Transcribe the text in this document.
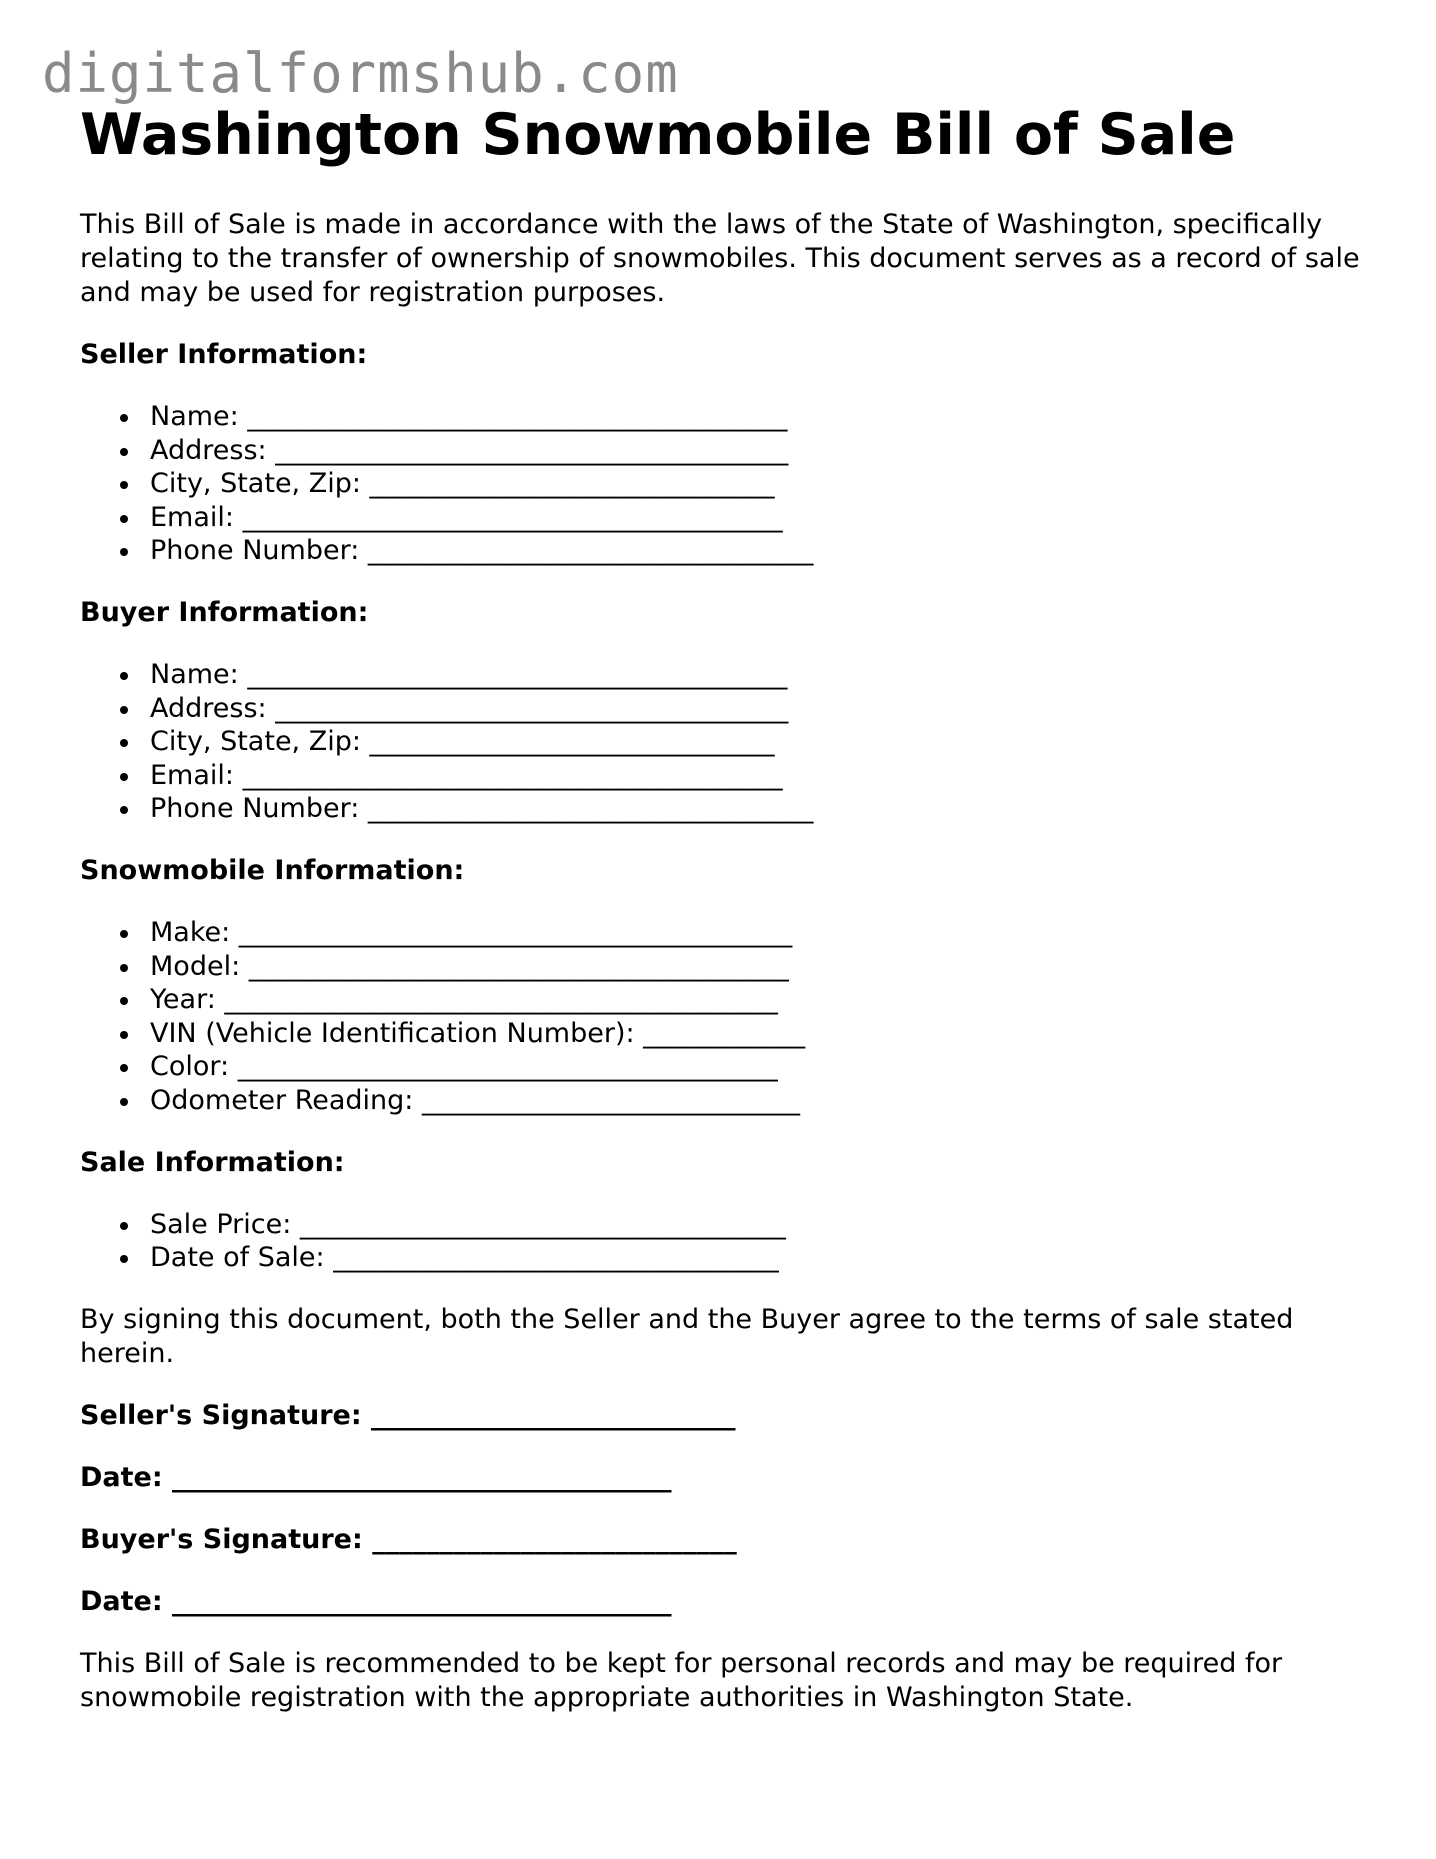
digitalformshub.com
Washington Snowmobile Bill of Sale

This Bill of Sale is made in accordance with the laws of the State of Washington, specifically relating to the transfer of ownership of snowmobiles. This document serves as a record of sale and may be used for registration purposes.

Seller Information:
Name: ________________________________________
Address: ______________________________________
City, State, Zip: ______________________________
Email: ________________________________________
Phone Number: _________________________________
Buyer Information:
Name: ________________________________________
Address: ______________________________________
City, State, Zip: ______________________________
Email: ________________________________________
Phone Number: _________________________________
Snowmobile Information:
Make: _________________________________________
Model: ________________________________________
Year: _________________________________________
VIN (Vehicle Identification Number): ____________
Color: ________________________________________
Odometer Reading: ____________________________
Sale Information:
Sale Price: ____________________________________
Date of Sale: _________________________________

By signing this document, both the Seller and the Buyer agree to the terms of sale stated herein.

Seller's Signature: ___________________________
Date: _____________________________________
Buyer's Signature: ___________________________
Date: _____________________________________

This Bill of Sale is recommended to be kept for personal records and may be required for snowmobile registration with the appropriate authorities in Washington State.
